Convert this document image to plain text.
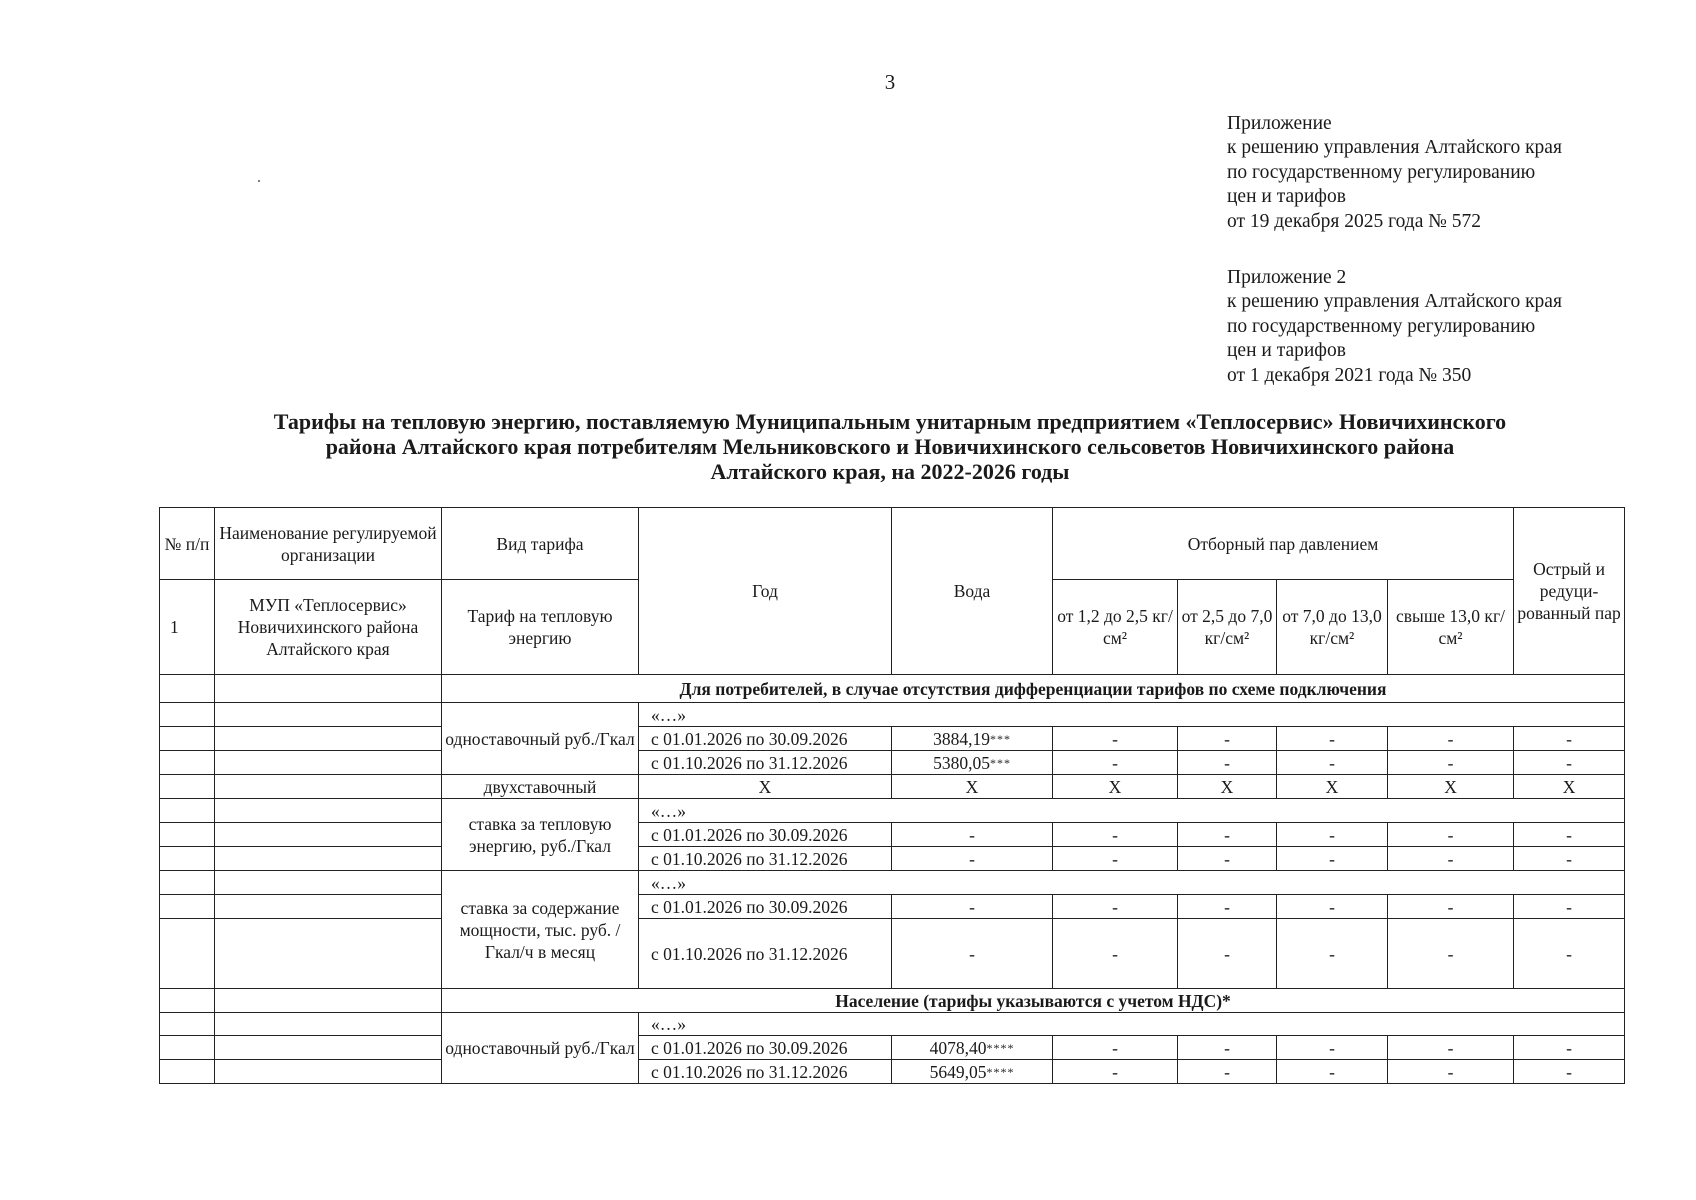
3
Приложение
к решению управления Алтайского края
по государственному регулированию
цен и тарифов
от 19 декабря 2025 года № 572
Приложение 2
к решению управления Алтайского края
по государственному регулированию
цен и тарифов
от 1 декабря 2021 года № 350
Тарифы на тепловую энергию, поставляемую Муниципальным унитарным предприятием «Теплосервис» Новичихинского
района Алтайского края потребителям Мельниковского и Новичихинского сельсоветов Новичихинского района
Алтайского края, на 2022-2026 годы
№ п/п	Наименование регулируемой организации	Вид тарифа	Год	Вода	Отборный пар давлением				Острый и редуци-рованный пар
1	МУП «Теплосервис» Новичихинского района Алтайского края	Тариф на тепловую энергию			от 1,2 до 2,5 кг/см²	от 2,5 до 7,0 кг/см²	от 7,0 до 13,0 кг/см²	свыше 13,0 кг/см²	
		Для потребителей, в случае отсутствия дифференциации тарифов по схеме подключения							
		одноставочный руб./Гкал	«…»						
			с 01.01.2026 по 30.09.2026	3884,19***	-	-	-	-	-
			с 01.10.2026 по 31.12.2026	5380,05***	-	-	-	-	-
		двухставочный	Х	Х	Х	Х	Х	Х	Х
		ставка за тепловую энергию, руб./Гкал	«…»						
			с 01.01.2026 по 30.09.2026	-	-	-	-	-	-
			с 01.10.2026 по 31.12.2026	-	-	-	-	-	-
		ставка за содержание мощности, тыс. руб. /Гкал/ч в месяц	«…»						
			с 01.01.2026 по 30.09.2026	-	-	-	-	-	-
			с 01.10.2026 по 31.12.2026	-	-	-	-	-	-
		Население (тарифы указываются с учетом НДС)*							
		одноставочный руб./Гкал	«…»						
			с 01.01.2026 по 30.09.2026	4078,40****	-	-	-	-	-
			с 01.10.2026 по 31.12.2026	5649,05****	-	-	-	-	-
